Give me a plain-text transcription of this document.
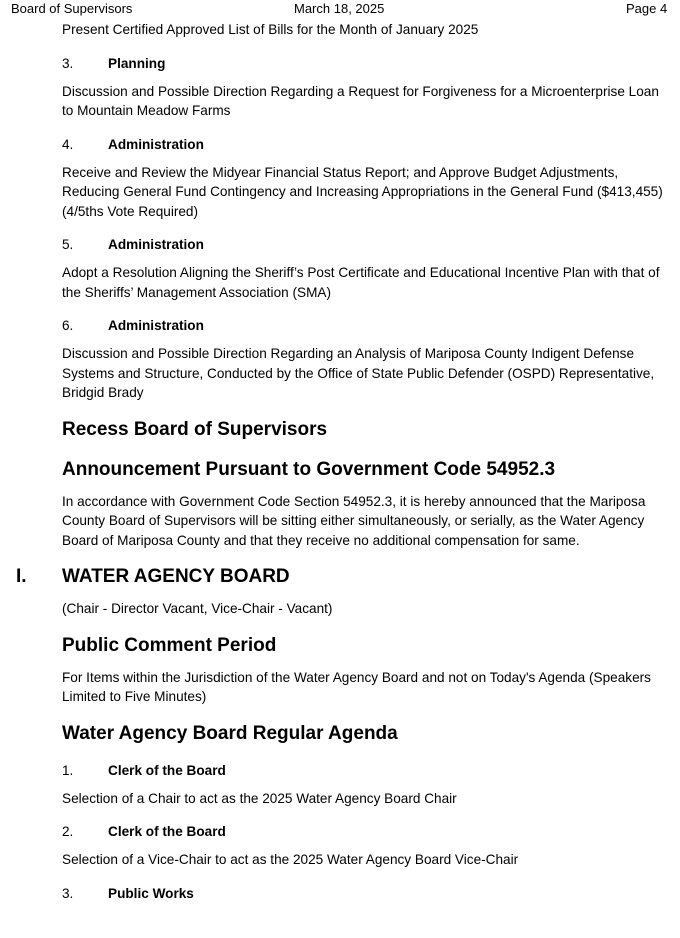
Board of Supervisors	March 18, 2025	Page 4
I.

Present Certified Approved List of Bills for the Month of January 2025

3.	Planning

Discussion and Possible Direction Regarding a Request for Forgiveness for a Microenterprise Loan to Mountain Meadow Farms

4.	Administration

Receive and Review the Midyear Financial Status Report; and Approve Budget Adjustments, Reducing General Fund Contingency and Increasing Appropriations in the General Fund ($413,455) (4/5ths Vote Required)

5.	Administration

Adopt a Resolution Aligning the Sheriff’s Post Certificate and Educational Incentive Plan with that of the Sheriffs’ Management Association (SMA)

6.	Administration

Discussion and Possible Direction Regarding an Analysis of Mariposa County Indigent Defense Systems and Structure, Conducted by the Office of State Public Defender (OSPD) Representative, Bridgid Brady

Recess Board of Supervisors
Announcement Pursuant to Government Code 54952.3

In accordance with Government Code Section 54952.3, it is hereby announced that the Mariposa County Board of Supervisors will be sitting either simultaneously, or serially, as the Water Agency Board of Mariposa County and that they receive no additional compensation for same.

WATER AGENCY BOARD

(Chair - Director Vacant, Vice-Chair - Vacant)

Public Comment Period

For Items within the Jurisdiction of the Water Agency Board and not on Today's Agenda (Speakers Limited to Five Minutes)

Water Agency Board Regular Agenda
1.	Clerk of the Board

Selection of a Chair to act as the 2025 Water Agency Board Chair

2.	Clerk of the Board

Selection of a Vice-Chair to act as the 2025 Water Agency Board Vice-Chair

3.	Public Works
